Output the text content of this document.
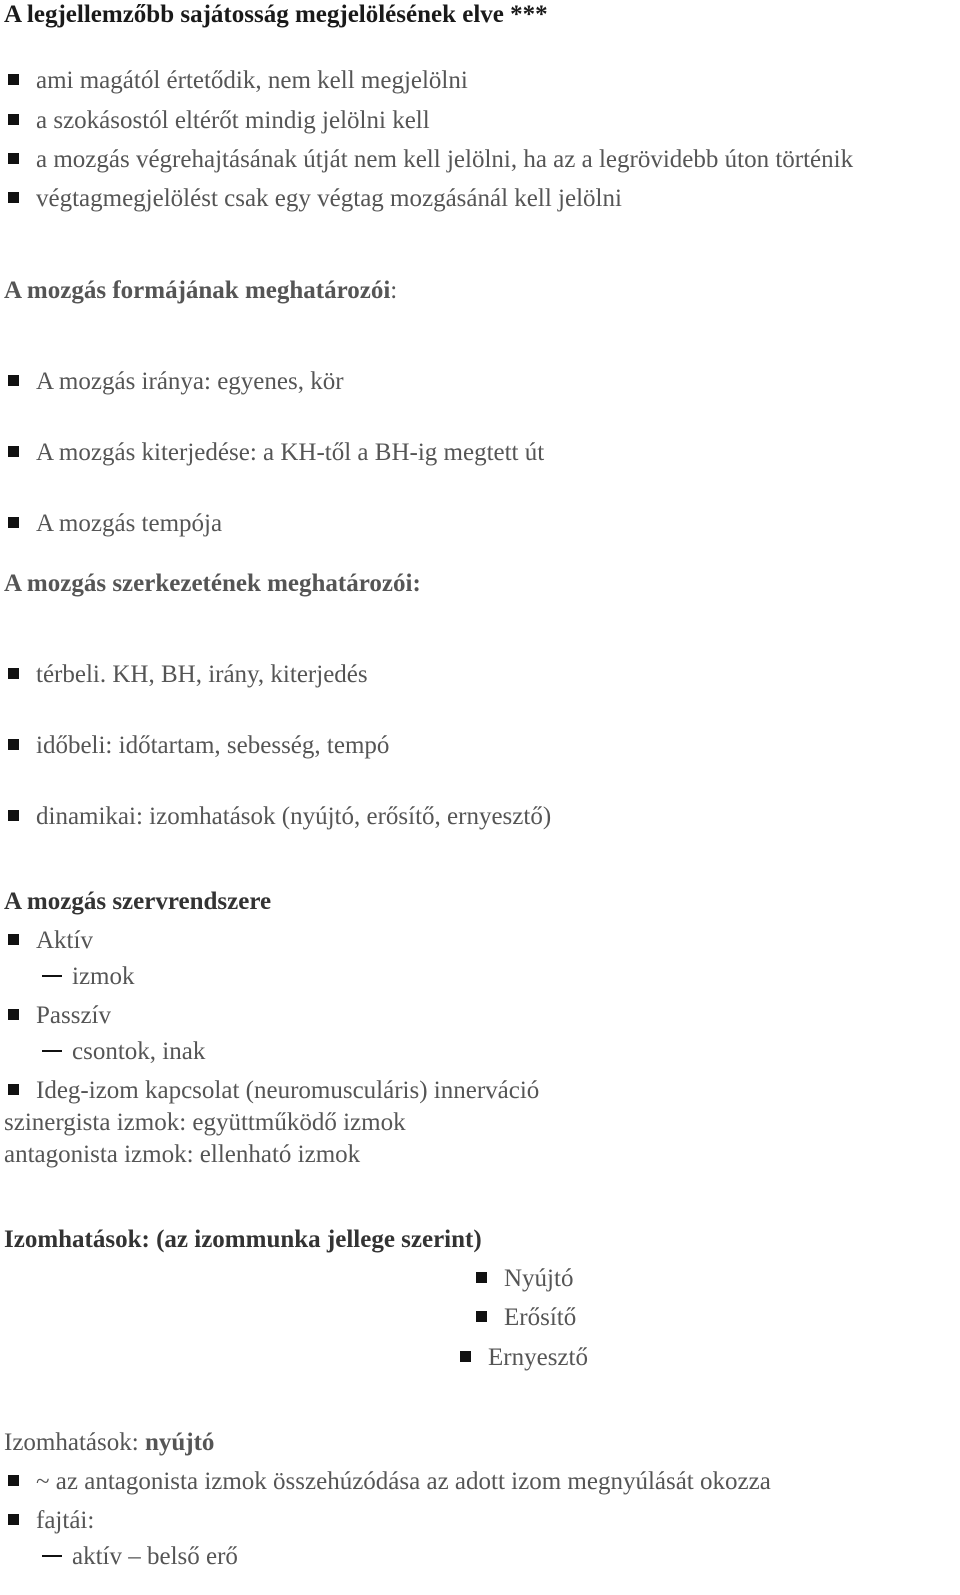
A legjellemzőbb sajátosság megjelölésének elve ***
ami magától értetődik, nem kell megjelölni
a szokásostól eltérőt mindig jelölni kell
a mozgás végrehajtásának útját nem kell jelölni, ha az a legrövidebb úton történik
végtagmegjelölést csak egy végtag mozgásánál kell jelölni
A mozgás formájának meghatározói:
A mozgás iránya: egyenes, kör
A mozgás kiterjedése: a KH-től a BH-ig megtett út
A mozgás tempója
A mozgás szerkezetének meghatározói:
térbeli. KH, BH, irány, kiterjedés
időbeli: időtartam, sebesség, tempó
dinamikai: izomhatások (nyújtó, erősítő, ernyesztő)
A mozgás szervrendszere
Aktív
izmok
Passzív
csontok, inak
Ideg-izom kapcsolat (neuromusculáris) innerváció
szinergista izmok: együttműködő izmok
antagonista izmok: ellenható izmok
Izomhatások: (az izommunka jellege szerint)
Nyújtó
Erősítő
Ernyesztő
Izomhatások: nyújtó
~ az antagonista izmok összehúzódása az adott izom megnyúlását okozza
fajtái:
aktív – belső erő
